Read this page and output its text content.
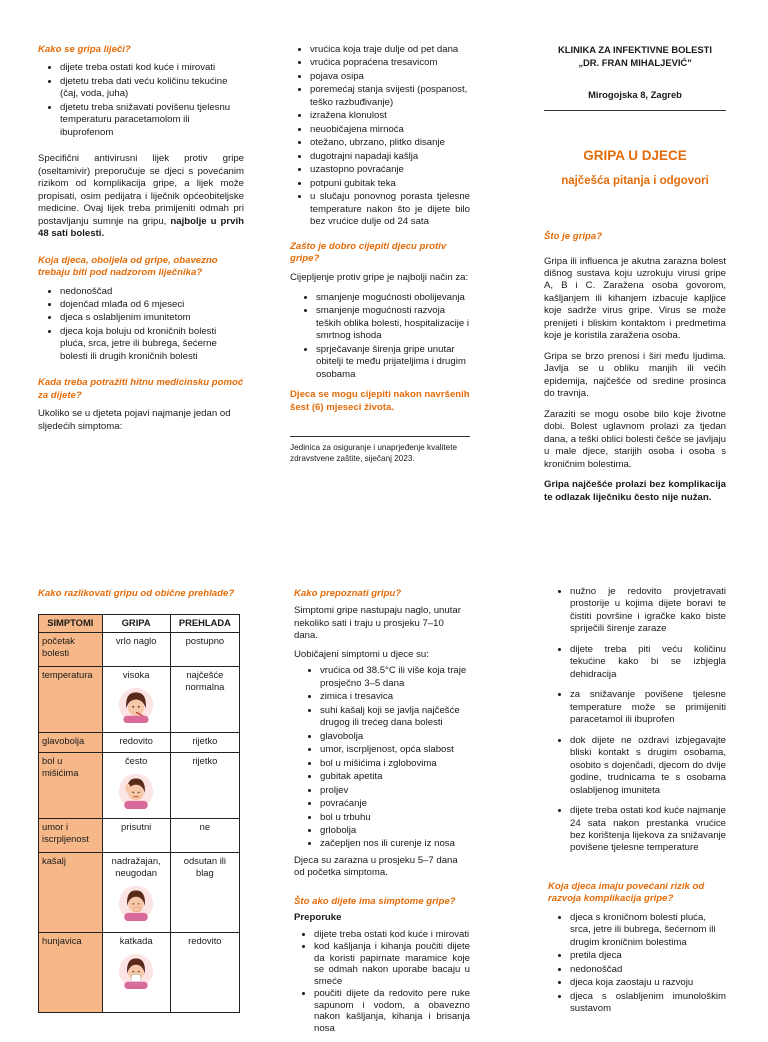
Kako se gripa liječi?
• dijete treba ostati kod kuće i mirovati
• djetetu treba dati veću količinu tekućine (čaj, voda, juha)
• djetetu treba snižavati povišenu tjelesnu temperaturu paracetamolom ili ibuprofenom

Specifični antivirusni lijek protiv gripe (oseltamivir) preporučuje se djeci s povećanim rizikom od komplikacija gripe, a lijek može propisati, osim pedijatra i liječnik općeobiteljske medicine. Ovaj lijek treba primijeniti odmah pri postavljanju sumnje na gripu, najbolje u prvih 48 sati bolesti.

Koja djeca, oboljela od gripe, obavezno trebaju biti pod nadzorom liječnika?
• nedonoščad
• dojenčad mlađa od 6 mjeseci
• djeca s oslabljenim imunitetom
• djeca koja boluju od kroničnih bolesti pluća, srca, jetre ili bubrega, šećerne bolesti ili drugih kroničnih bolesti
Kada treba potražiti hitnu medicinsku pomoć za dijete?

Ukoliko se u djeteta pojavi najmanje jedan od sljedećih simptoma:

• vrućica koja traje dulje od pet dana
• vrućica popraćena tresavicom
• pojava osipa
• poremećaj stanja svijesti (pospanost, teško razbuđivanje)
• izražena klonulost
• neuobičajena mirnoća
• otežano, ubrzano, plitko disanje
• dugotrajni napadaji kašlja
• uzastopno povraćanje
• potpuni gubitak teka
• u slučaju ponovnog porasta tjelesne temperature nakon što je dijete bilo bez vrućice dulje od 24 sata
Zašto je dobro cijepiti djecu protiv gripe?

Cijepljenje protiv gripe je najbolji način za:

• smanjenje mogućnosti obolijevanja
• smanjenje mogućnosti razvoja teških oblika bolesti, hospitalizacije i smrtnog ishoda
• sprječavanje širenja gripe unutar obitelji te među prijateljima i drugim osobama

Djeca se mogu cijepiti nakon navršenih šest (6) mjeseci života.

Jedinica za osiguranje i unaprjeđenje kvalitete zdravstvene zaštite, siječanj 2023.

KLINIKA ZA INFEKTIVNE BOLESTI
„DR. FRAN MIHALJEVIĆ"
Mirogojska 8, Zagreb
GRIPA U DJECE
najčešća pitanja i odgovori
Što je gripa?

Gripa ili influenca je akutna zarazna bolest dišnog sustava koju uzrokuju virusi gripe A, B i C. Zaražena osoba govorom, kašljanjem ili kihanjem izbacuje kapljice koje sadrže virus gripe. Virus se može prenijeti i bliskim kontaktom i predmetima koje je koristila zaražena osoba.

Gripa se brzo prenosi i širi među ljudima. Javlja se u obliku manjih ili većih epidemija, najčešće od sredine prosinca do travnja.

Zaraziti se mogu osobe bilo koje životne dobi. Bolest uglavnom prolazi za tjedan dana, a teški oblici bolesti češće se javljaju u male djece, starijih osoba i osoba s kroničnim bolestima.

Gripa najčešće prolazi bez komplikacija te odlazak liječniku često nije nužan.

Kako razlikovati gripu od obične prehlade?
SIMPTOMI	GRIPA	PREHLADA
početak bolesti	vrlo naglo	postupno
temperatura	visoka	najčešće normalna
glavobolja	redovito	rijetko
bol u mišićima	često	rijetko
umor i iscrpljenost	prisutni	ne
kašalj	nadražajan, neugodan	odsutan ili blag
hunjavica	katkada	redovito
Kako prepoznati gripu?

Simptomi gripe nastupaju naglo, unutar nekoliko sati i traju u prosjeku 7–10 dana.

Uobičajeni simptomi u djece su:

• vrućica od 38.5°C ili više koja traje prosječno 3–5 dana
• zimica i tresavica
• suhi kašalj koji se javlja najčešće drugog ili trećeg dana bolesti
• glavobolja
• umor, iscrpljenost, opća slabost
• bol u mišićima i zglobovima
• gubitak apetita
• proljev
• povraćanje
• bol u trbuhu
• grlobolja
• začepljen nos ili curenje iz nosa

Djeca su zarazna u prosjeku 5–7 dana od početka simptoma.

Što ako dijete ima simptome gripe?
Preporuke
• dijete treba ostati kod kuće i mirovati
• kod kašljanja i kihanja poučiti dijete da koristi papirnate maramice koje se odmah nakon uporabe bacaju u smeće
• poučiti dijete da redovito pere ruke sapunom i vodom, a obavezno nakon kašljanja, kihanja i brisanja nosa
• nužno je redovito provjetravati prostorije u kojima dijete boravi te čistiti površine i igračke kako biste spriječili širenje zaraze
• dijete treba piti veću količinu tekućine kako bi se izbjegla dehidracija
• za snižavanje povišene tjelesne temperature može se primijeniti paracetamol ili ibuprofen
• dok dijete ne ozdravi izbjegavajte bliski kontakt s drugim osobama, osobito s dojenčadi, djecom do dvije godine, trudnicama te s osobama oslabljenog imuniteta
• dijete treba ostati kod kuće najmanje 24 sata nakon prestanka vrućice bez korištenja lijekova za snižavanje povišene tjelesne temperature
Koja djeca imaju povećani rizik od razvoja komplikacija gripe?
• djeca s kroničnom bolesti pluća, srca, jetre ili bubrega, šećernom ili drugim kroničnim bolestima
• pretila djeca
• nedonoščad
• djeca koja zaostaju u razvoju
• djeca s oslabljenim imunološkim sustavom
